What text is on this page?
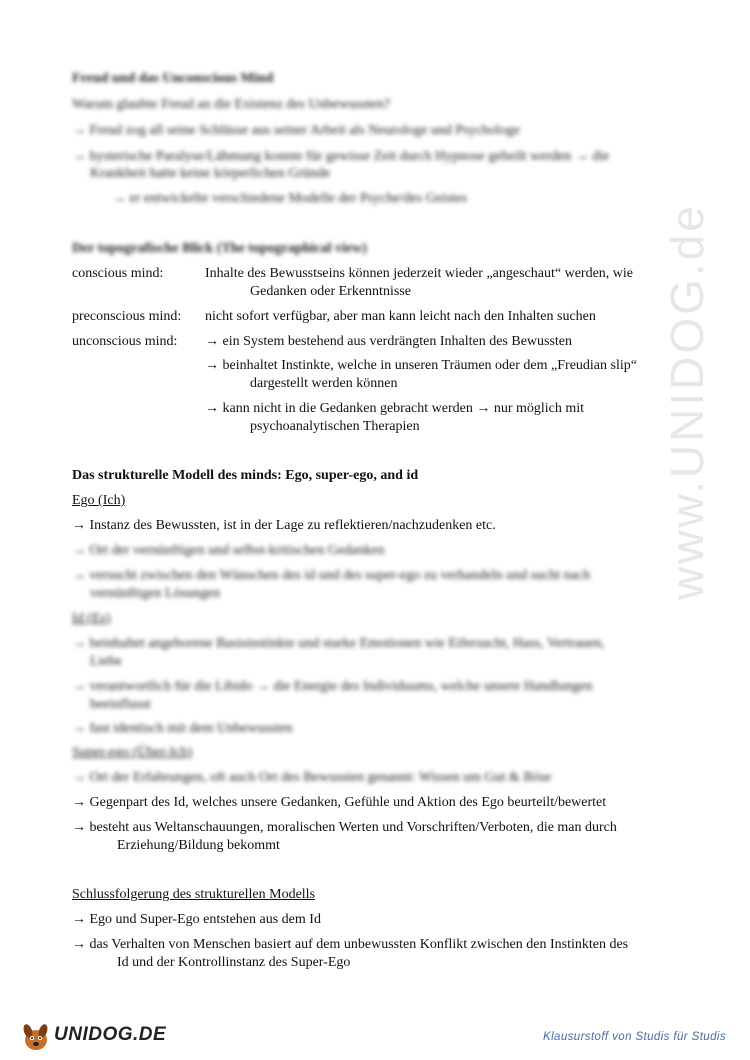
www.UNIDOG.de
Freud und das Unconscious Mind
Warum glaubte Freud an die Existenz des Unbewussten?
→ Freud zog all seine Schlüsse aus seiner Arbeit als Neurologe und Psychologe
→ hysterische Paralyse/Lähmung konnte für gewisse Zeit durch Hypnose geheilt werden → die
Krankheit hatte keine körperlichen Gründe
→ er entwickelte verschiedene Modelle der Psyche/des Geistes
Der topografische Blick (The topographical view)
conscious mind:	Inhalte des Bewusstseins können jederzeit wieder „angeschaut“ werden, wie
Gedanken oder Erkenntnisse
preconscious mind: nicht sofort verfügbar, aber man kann leicht nach den Inhalten suchen
unconscious mind: → ein System bestehend aus verdrängten Inhalten des Bewussten
→ beinhaltet Instinkte, welche in unseren Träumen oder dem „Freudian slip“
dargestellt werden können
→ kann nicht in die Gedanken gebracht werden → nur möglich mit
psychoanalytischen Therapien
Das strukturelle Modell des minds: Ego, super-ego, and id
Ego (Ich)
→ Instanz des Bewussten, ist in der Lage zu reflektieren/nachzudenken etc.
→ Ort der vernünftigen und selbst-kritischen Gedanken
→ versucht zwischen den Wünschen des id und des super-ego zu verhandeln und sucht nach
vernünftigen Lösungen
Id (Es)
→ beinhaltet angeborene Basisinstinkte und starke Emotionen wie Eifersucht, Hass, Vertrauen,
Liebe
→ verantwortlich für die Libido → die Energie des Individuums, welche unsere Handlungen
beeinflusst
→ fast identisch mit dem Unbewussten
Super-ego (Über-Ich)
→ Ort der Erfahrungen, oft auch Ort des Bewussten genannt: Wissen um Gut & Böse
→ Gegenpart des Id, welches unsere Gedanken, Gefühle und Aktion des Ego beurteilt/bewertet
→ besteht aus Weltanschauungen, moralischen Werten und Vorschriften/Verboten, die man durch
Erziehung/Bildung bekommt
Schlussfolgerung des strukturellen Modells
→ Ego und Super-Ego entstehen aus dem Id
→ das Verhalten von Menschen basiert auf dem unbewussten Konflikt zwischen den Instinkten des
Id und der Kontrollinstanz des Super-Ego
UNIDOG.DE	Klausurstoff von Studis für Studis
